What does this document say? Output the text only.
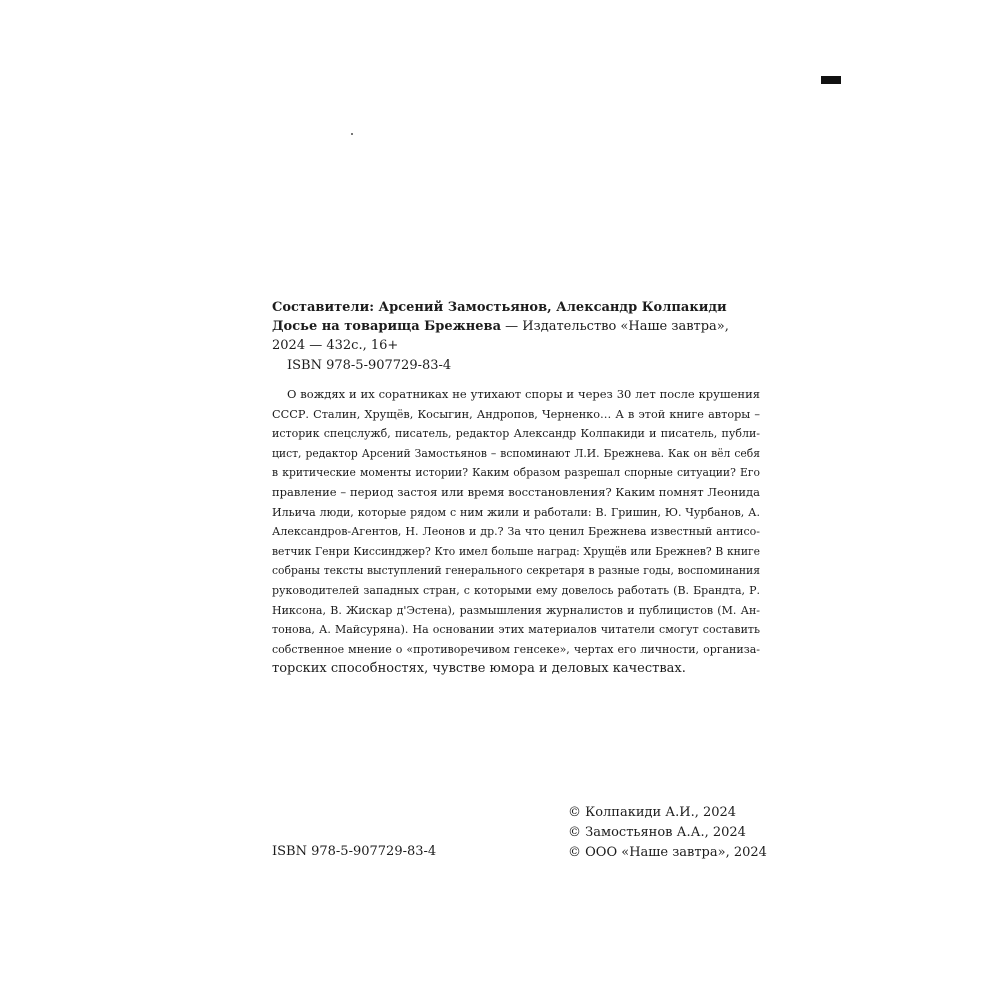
Составители: Арсений Замостьянов, Александр Колпакиди
Досье на товарища Брежнева — Издательство «Наше завтра»,
2024 — 432с., 16+
ISBN 978-5-907729-83-4
О вождях и их соратниках не утихают споры и через 30 лет после крушения
СССР. Сталин, Хрущёв, Косыгин, Андропов, Черненко… А в этой книге авторы –
историк спецслужб, писатель, редактор Александр Колпакиди и писатель, публи-
цист, редактор Арсений Замостьянов – вспоминают Л.И. Брежнева. Как он вёл себя
в критические моменты истории? Каким образом разрешал спорные ситуации? Его
правление – период застоя или время восстановления? Каким помнят Леонида
Ильича люди, которые рядом с ним жили и работали: В. Гришин, Ю. Чурбанов, А.
Александров-Агентов, Н. Леонов и др.? За что ценил Брежнева известный антисо-
ветчик Генри Киссинджер? Кто имел больше наград: Хрущёв или Брежнев? В книге
собраны тексты выступлений генерального секретаря в разные годы, воспоминания
руководителей западных стран, с которыми ему довелось работать (В. Брандта, Р.
Никсона, В. Жискар д'Эстена), размышления журналистов и публицистов (М. Ан-
тонова, А. Майсуряна). На основании этих материалов читатели смогут составить
собственное мнение о «противоречивом генсеке», чертах его личности, организа-
торских способностях, чувстве юмора и деловых качествах.
ISBN 978-5-907729-83-4
© Колпакиди А.И., 2024
© Замостьянов А.А., 2024
© ООО «Наше завтра», 2024
